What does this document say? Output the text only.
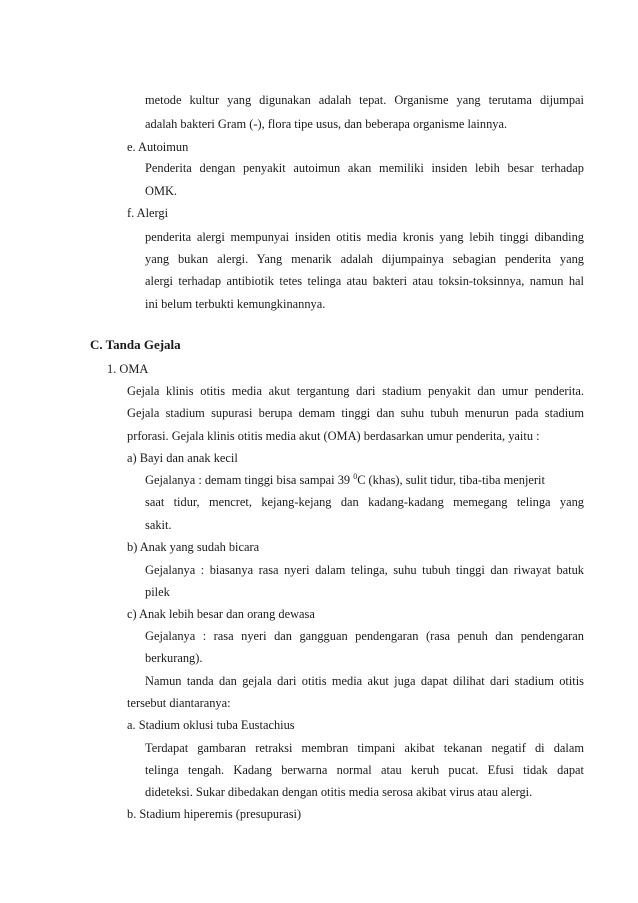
metode kultur yang digunakan adalah tepat. Organisme yang terutama dijumpai
adalah bakteri Gram (-), flora tipe usus, dan beberapa organisme lainnya.
e. Autoimun
Penderita dengan penyakit autoimun akan memiliki insiden lebih besar terhadap
OMK.
f. Alergi
penderita alergi mempunyai insiden otitis media kronis yang lebih tinggi dibanding
yang bukan alergi. Yang menarik adalah dijumpainya sebagian penderita yang
alergi terhadap antibiotik tetes telinga atau bakteri atau toksin-toksinnya, namun hal
ini belum terbukti kemungkinannya.
C. Tanda Gejala
1. OMA
Gejala klinis otitis media akut tergantung dari stadium penyakit dan umur penderita.
Gejala stadium supurasi berupa demam tinggi dan suhu tubuh menurun pada stadium
prforasi. Gejala klinis otitis media akut (OMA) berdasarkan umur penderita, yaitu :
a) Bayi dan anak kecil
Gejalanya : demam tinggi bisa sampai 39 $^0$C (khas), sulit tidur, tiba-tiba menjerit
saat tidur, mencret, kejang-kejang dan kadang-kadang memegang telinga yang
sakit.
b) Anak yang sudah bicara
Gejalanya : biasanya rasa nyeri dalam telinga, suhu tubuh tinggi dan riwayat batuk
pilek
c) Anak lebih besar dan orang dewasa
Gejalanya : rasa nyeri dan gangguan pendengaran (rasa penuh dan pendengaran
berkurang).
Namun tanda dan gejala dari otitis media akut juga dapat dilihat dari stadium otitis
tersebut diantaranya:
a. Stadium oklusi tuba Eustachius
Terdapat gambaran retraksi membran timpani akibat tekanan negatif di dalam
telinga tengah. Kadang berwarna normal atau keruh pucat. Efusi tidak dapat
dideteksi. Sukar dibedakan dengan otitis media serosa akibat virus atau alergi.
b. Stadium hiperemis (presupurasi)
